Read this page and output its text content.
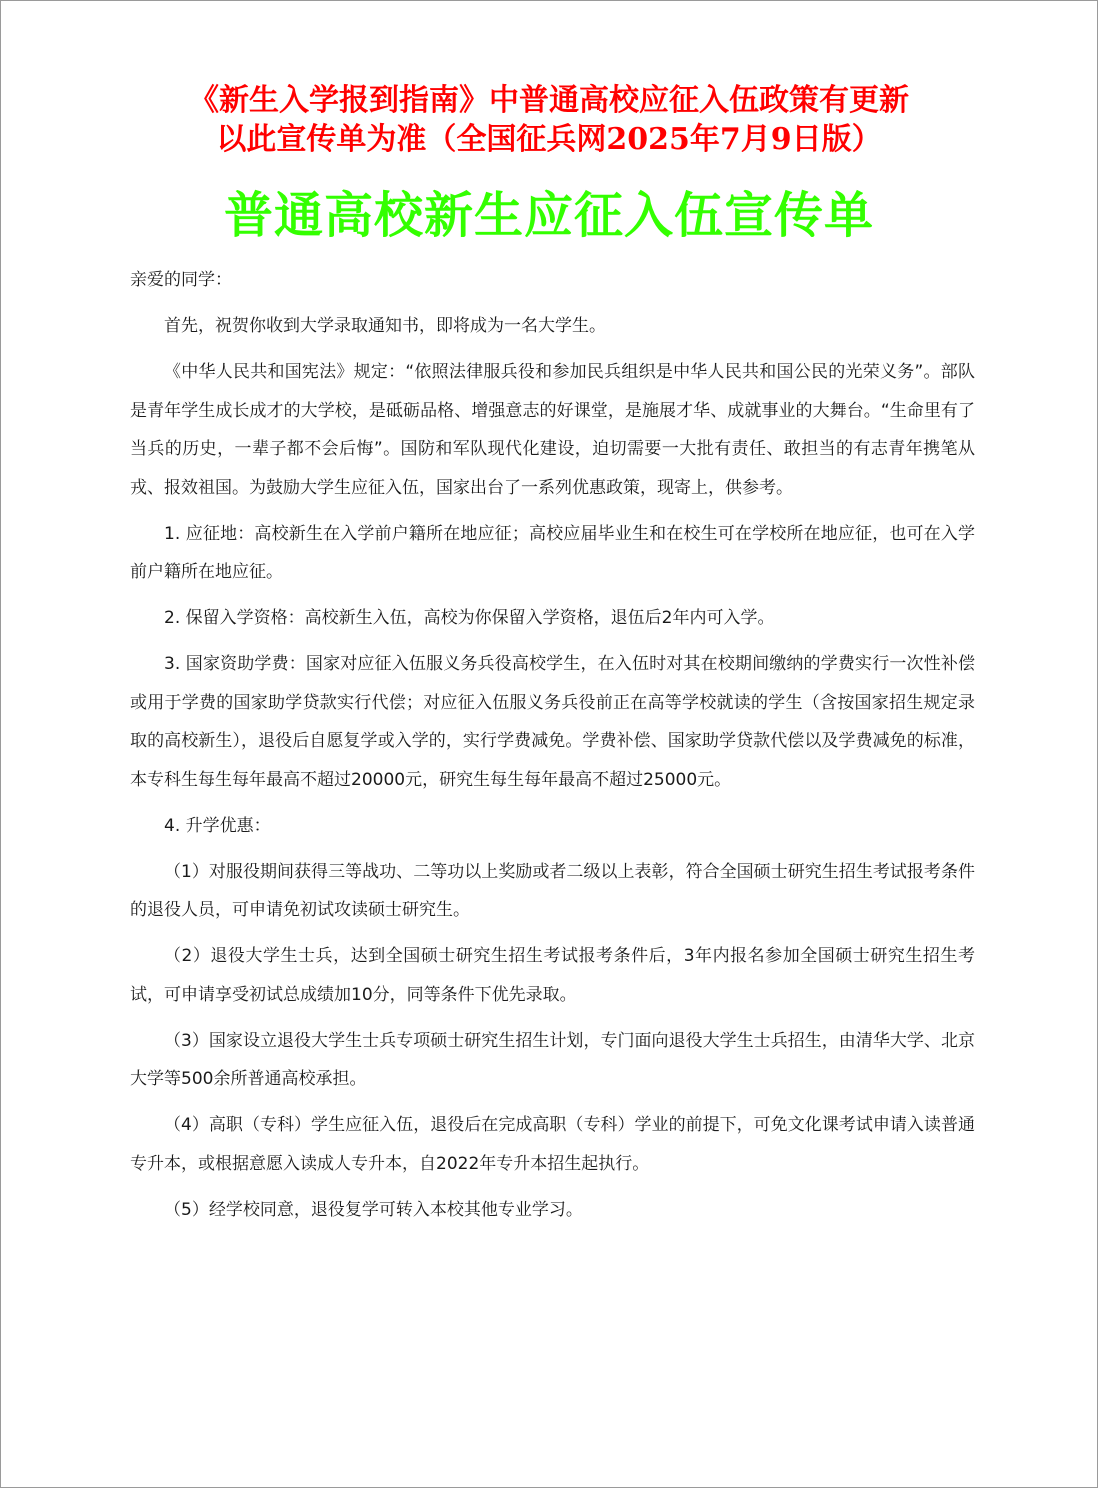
《新生入学报到指南》中普通高校应征入伍政策有更新
以此宣传单为准（全国征兵网2025年7月9日版）
普通高校新生应征入伍宣传单

亲爱的同学：

首先，祝贺你收到大学录取通知书，即将成为一名大学生。

《中华人民共和国宪法》规定：“依照法律服兵役和参加民兵组织是中华人民共和国公民的光荣义务”。部队是青年学生成长成才的大学校，是砥砺品格、增强意志的好课堂，是施展才华、成就事业的大舞台。“生命里有了当兵的历史，一辈子都不会后悔”。国防和军队现代化建设，迫切需要一大批有责任、敢担当的有志青年携笔从戎、报效祖国。为鼓励大学生应征入伍，国家出台了一系列优惠政策，现寄上，供参考。

1. 应征地：高校新生在入学前户籍所在地应征；高校应届毕业生和在校生可在学校所在地应征，也可在入学前户籍所在地应征。

2. 保留入学资格：高校新生入伍，高校为你保留入学资格，退伍后2年内可入学。

3. 国家资助学费：国家对应征入伍服义务兵役高校学生，在入伍时对其在校期间缴纳的学费实行一次性补偿或用于学费的国家助学贷款实行代偿；对应征入伍服义务兵役前正在高等学校就读的学生（含按国家招生规定录取的高校新生），退役后自愿复学或入学的，实行学费减免。学费补偿、国家助学贷款代偿以及学费减免的标准，本专科生每生每年最高不超过20000元，研究生每生每年最高不超过25000元。

4. 升学优惠：

（1）对服役期间获得三等战功、二等功以上奖励或者二级以上表彰，符合全国硕士研究生招生考试报考条件的退役人员，可申请免初试攻读硕士研究生。

（2）退役大学生士兵，达到全国硕士研究生招生考试报考条件后，3年内报名参加全国硕士研究生招生考试，可申请享受初试总成绩加10分，同等条件下优先录取。

（3）国家设立退役大学生士兵专项硕士研究生招生计划，专门面向退役大学生士兵招生，由清华大学、北京大学等500余所普通高校承担。

（4）高职（专科）学生应征入伍，退役后在完成高职（专科）学业的前提下，可免文化课考试申请入读普通专升本，或根据意愿入读成人专升本，自2022年专升本招生起执行。

（5）经学校同意，退役复学可转入本校其他专业学习。
